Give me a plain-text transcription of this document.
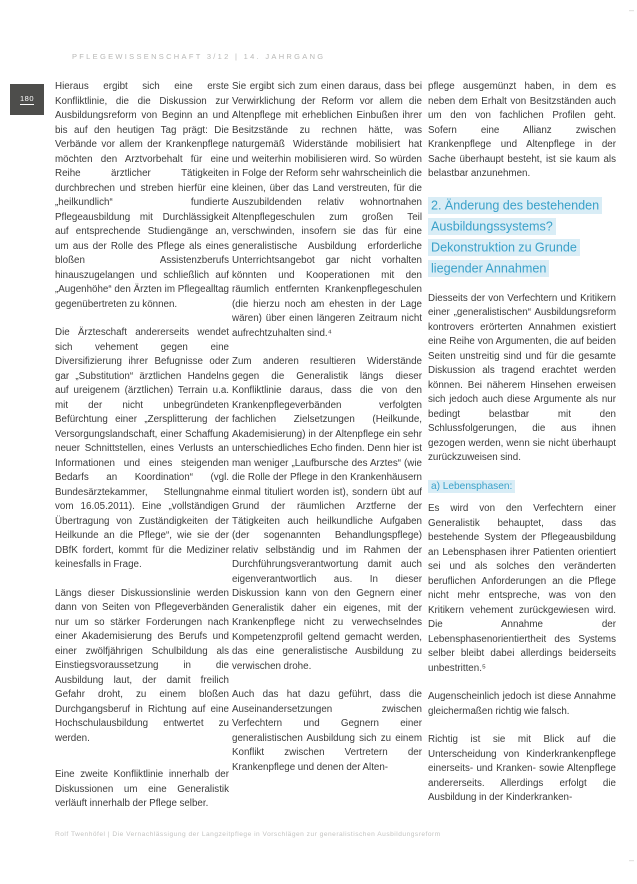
–
–
PFLEGEWISSENSCHAFT 3/12 | 14. JAHRGANG
180

Hieraus ergibt sich eine erste Konfliktlinie, die die Diskussion zur Ausbildungsreform von Beginn an und bis auf den heutigen Tag prägt: Die Verbände vor allem der Krankenpflege möchten den Arztvorbehalt für eine Reihe ärztlicher Tätigkeiten durchbrechen und streben hierfür eine „heilkundlich“ fundierte Pflegeausbildung mit Durchlässigkeit auf entsprechende Studiengänge an, um aus der Rolle des Pflege als eines bloßen Assistenzberufs hinauszugelangen und schließlich auf „Augenhöhe“ den Ärzten im Pflegealltag gegenübertreten zu können.

Die Ärzteschaft andererseits wendet sich vehement gegen eine Diversifizierung ihrer Befugnisse oder gar „Substitution“ ärztlichen Handelns auf ureigenem (ärztlichen) Terrain u.a. mit der nicht unbegründeten Befürchtung einer „Zersplitterung der Versorgungslandschaft, einer Schaffung neuer Schnittstellen, eines Verlusts an Informationen und eines steigenden Bedarfs an Koordination“ (vgl. Bundesärztekammer, Stellungnahme vom 16.05.2011). Eine „vollständigen Übertragung von Zuständigkeiten der Heilkunde an die Pflege“, wie sie der DBfK fordert, kommt für die Mediziner keinesfalls in Frage.

Längs dieser Diskussionslinie werden dann von Seiten von Pflegeverbänden nur um so stärker Forderungen nach einer Akademisierung des Berufs und einer zwölfjährigen Schulbildung als Einstiegsvoraussetzung in die Ausbildung laut, der damit freilich Gefahr droht, zu einem bloßen Durchgangsberuf in Richtung auf eine Hochschulausbildung entwertet zu werden.

Eine zweite Konfliktlinie innerhalb der Diskussionen um eine Generalistik verläuft innerhalb der Pflege selber.

Sie ergibt sich zum einen daraus, dass bei Verwirklichung der Reform vor allem die Altenpflege mit erheblichen Einbußen ihrer Besitzstände zu rechnen hätte, was naturgemäß Widerstände mobilisiert hat und weiterhin mobilisieren wird. So würden in Folge der Reform sehr wahrscheinlich die kleinen, über das Land verstreuten, für die Auszubildenden relativ wohnortnahen Altenpflegeschulen zum großen Teil verschwinden, insofern sie das für eine generalistische Ausbildung erforderliche Unterrichtsangebot gar nicht vorhalten könnten und Kooperationen mit den räumlich entfernten Krankenpflegeschulen (die hierzu noch am ehesten in der Lage wären) über einen längeren Zeitraum nicht aufrechtzuhalten sind.⁴

Zum anderen resultieren Widerstände gegen die Generalistik längs dieser Konfliktlinie daraus, dass die von den Krankenpflegeverbänden verfolgten fachlichen Zielsetzungen (Heilkunde, Akademisierung) in der Altenpflege ein sehr unterschiedliches Echo finden. Denn hier ist man weniger „Laufbursche des Arztes“ (wie die Rolle der Pflege in den Krankenhäusern einmal tituliert worden ist), sondern übt auf Grund der räumlichen Arztferne der Tätigkeiten auch heilkundliche Aufgaben (der sogenannten Behandlungspflege) relativ selbständig und im Rahmen der Durchführungsverantwortung damit auch eigenverantwortlich aus. In dieser Diskussion kann von den Gegnern einer Generalistik daher ein eigenes, mit der Krankenpflege nicht zu verwechselndes Kompetenzprofil geltend gemacht werden, das eine generalistische Ausbildung zu verwischen drohe.

Auch das hat dazu geführt, dass die Auseinandersetzungen zwischen Verfechtern und Gegnern einer generalistischen Ausbildung sich zu einem Konflikt zwischen Vertretern der Krankenpflege und denen der Alten-

pflege ausgemünzt haben, in dem es neben dem Erhalt von Besitzständen auch um den von fachlichen Profilen geht. Sofern eine Allianz zwischen Krankenpflege und Altenpflege in der Sache überhaupt besteht, ist sie kaum als belastbar anzunehmen.

2. Änderung des bestehenden Ausbildungssystems? Dekonstruktion zu Grunde liegender Annahmen

Diesseits der von Verfechtern und Kritikern einer „generalistischen“ Ausbildungsreform kontrovers erörterten Annahmen existiert eine Reihe von Argumenten, die auf beiden Seiten unstreitig sind und für die gesamte Diskussion als tragend erachtet werden können. Bei näherem Hinsehen erweisen sich jedoch auch diese Argumente als nur bedingt belastbar mit den Schlussfolgerungen, die aus ihnen gezogen werden, wenn sie nicht überhaupt zurückzuweisen sind.

a) Lebensphasen:

Es wird von den Verfechtern einer Generalistik behauptet, dass das bestehende System der Pflegeausbildung an Lebensphasen ihrer Patienten orientiert sei und als solches den veränderten beruflichen Anforderungen an die Pflege nicht mehr entspreche, was von den Kritikern vehement zurückgewiesen wird. Die Annahme der Lebensphasenorientiertheit des Systems selber bleibt dabei allerdings beiderseits unbestritten.⁵

Augenscheinlich jedoch ist diese Annahme gleichermaßen richtig wie falsch.

Richtig ist sie mit Blick auf die Unterscheidung von Kinderkrankenpflege einerseits- und Kranken- sowie Altenpflege andererseits. Allerdings erfolgt die Ausbildung in der Kinderkranken-

Rolf Twenhöfel | Die Vernachlässigung der Langzeitpflege in Vorschlägen zur generalistischen Ausbildungsreform
